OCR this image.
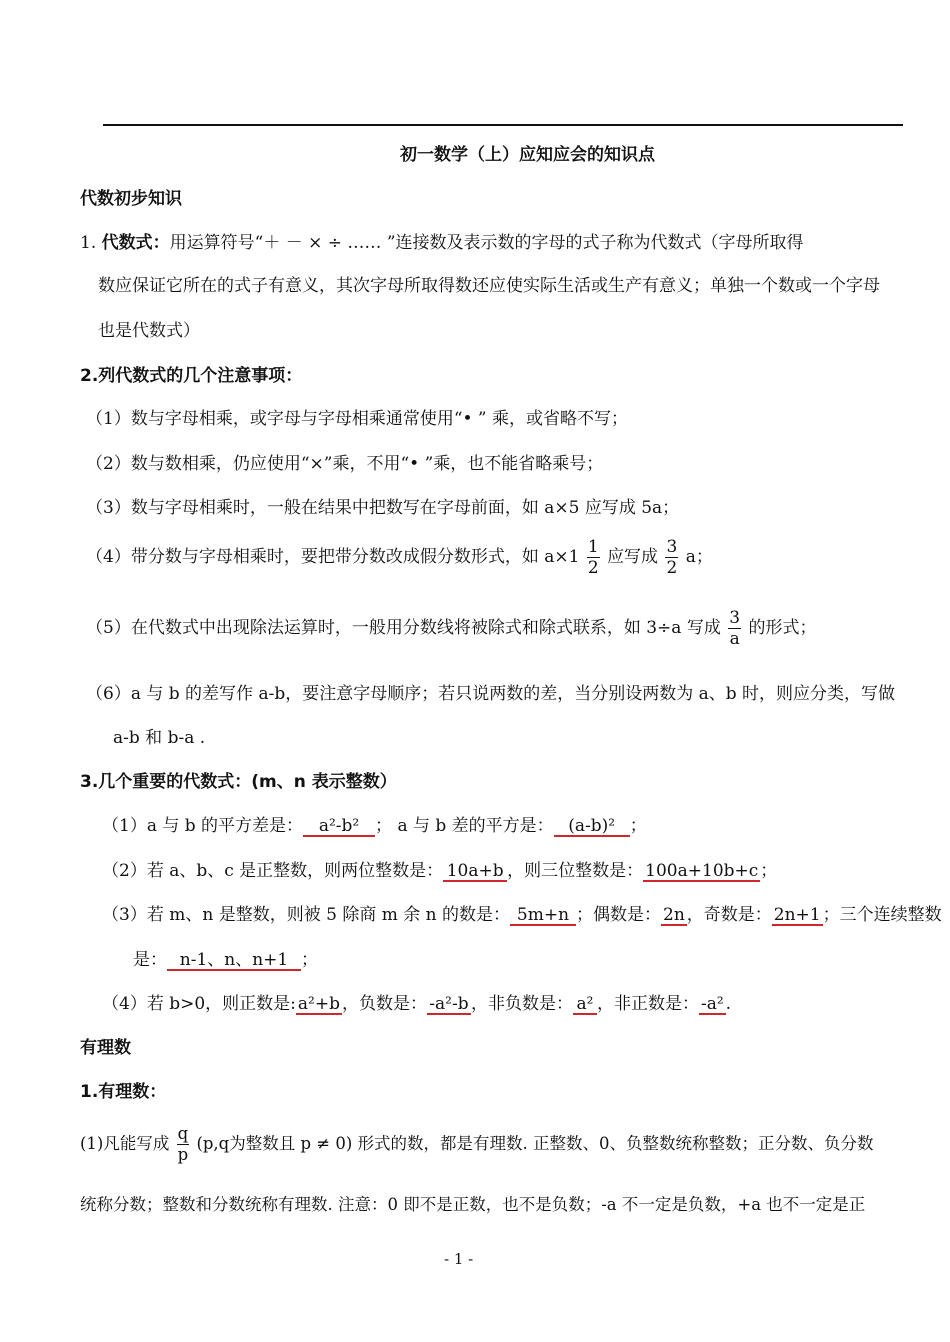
初一数学（上）应知应会的知识点
代数初步知识
1. 代数式：用运算符号“＋ － × ÷ …… ”连接数及表示数的字母的式子称为代数式（字母所取得
数应保证它所在的式子有意义，其次字母所取得数还应使实际生活或生产有意义；单独一个数或一个字母
也是代数式）
2.列代数式的几个注意事项：
（1）数与字母相乘，或字母与字母相乘通常使用“• ” 乘，或省略不写；
（2）数与数相乘，仍应使用“×”乘，不用“• ”乘，也不能省略乘号；
（3）数与字母相乘时，一般在结果中把数写在字母前面，如 a×5 应写成 5a；
（4）带分数与字母相乘时，要把带分数改成假分数形式，如 $a\times 1 \frac{1}{2}$ 应写成 $\frac{3}{2}$ a；
（5）在代数式中出现除法运算时，一般用分数线将被除式和除式联系，如 3÷a 写成 $\frac{3}{a}$ 的形式；
（6）a 与 b 的差写作 a-b，要注意字母顺序；若只说两数的差，当分别设两数为 a、b 时，则应分类，写做
a-b 和 b-a .
3.几个重要的代数式：(m、n 表示整数）
（1）a 与 b 的平方差是： a²-b² ； a 与 b 差的平方是： (a-b)² ；
（2）若 a、b、c 是正整数，则两位整数是： 10a+b ，则三位整数是： 100a+10b+c ；
（3）若 m、n 是整数，则被 5 除商 m 余 n 的数是： 5m+n ；偶数是： 2n ，奇数是： 2n+1 ；三个连续整数
是： n-1、n、n+1 ；
（4）若 b>0，则正数是: a²+b ，负数是： -a²-b ，非负数是： a² ，非正数是： -a² .
有理数
1.有理数：
(1)凡能写成 $\frac{q}{p} (p,q$为整数且 p ≠ 0) 形式的数，都是有理数. 正整数、0、负整数统称整数；正分数、负分数
统称分数；整数和分数统称有理数. 注意：0 即不是正数，也不是负数；-a 不一定是负数，+a 也不一定是正
- 1 -
